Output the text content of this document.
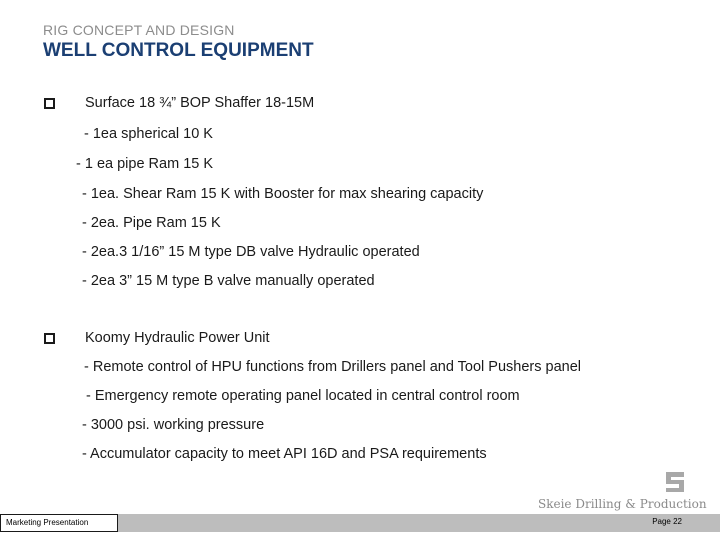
RIG CONCEPT AND DESIGN
WELL CONTROL EQUIPMENT
Surface 18 ¾” BOP Shaffer 18-15M
- 1ea spherical 10 K
- 1 ea pipe Ram 15 K
- 1ea. Shear Ram 15 K with Booster for max shearing capacity
- 2ea. Pipe Ram 15 K
- 2ea.3 1/16” 15 M type DB valve Hydraulic operated
- 2ea 3” 15 M type B valve manually operated
Koomy Hydraulic Power Unit
- Remote control of HPU functions from Drillers panel and Tool Pushers panel
- Emergency remote operating panel located in central control room
- 3000 psi. working pressure
- Accumulator capacity to meet API 16D and PSA requirements
Skeie Drilling & Production
Marketing Presentation	Page 22
